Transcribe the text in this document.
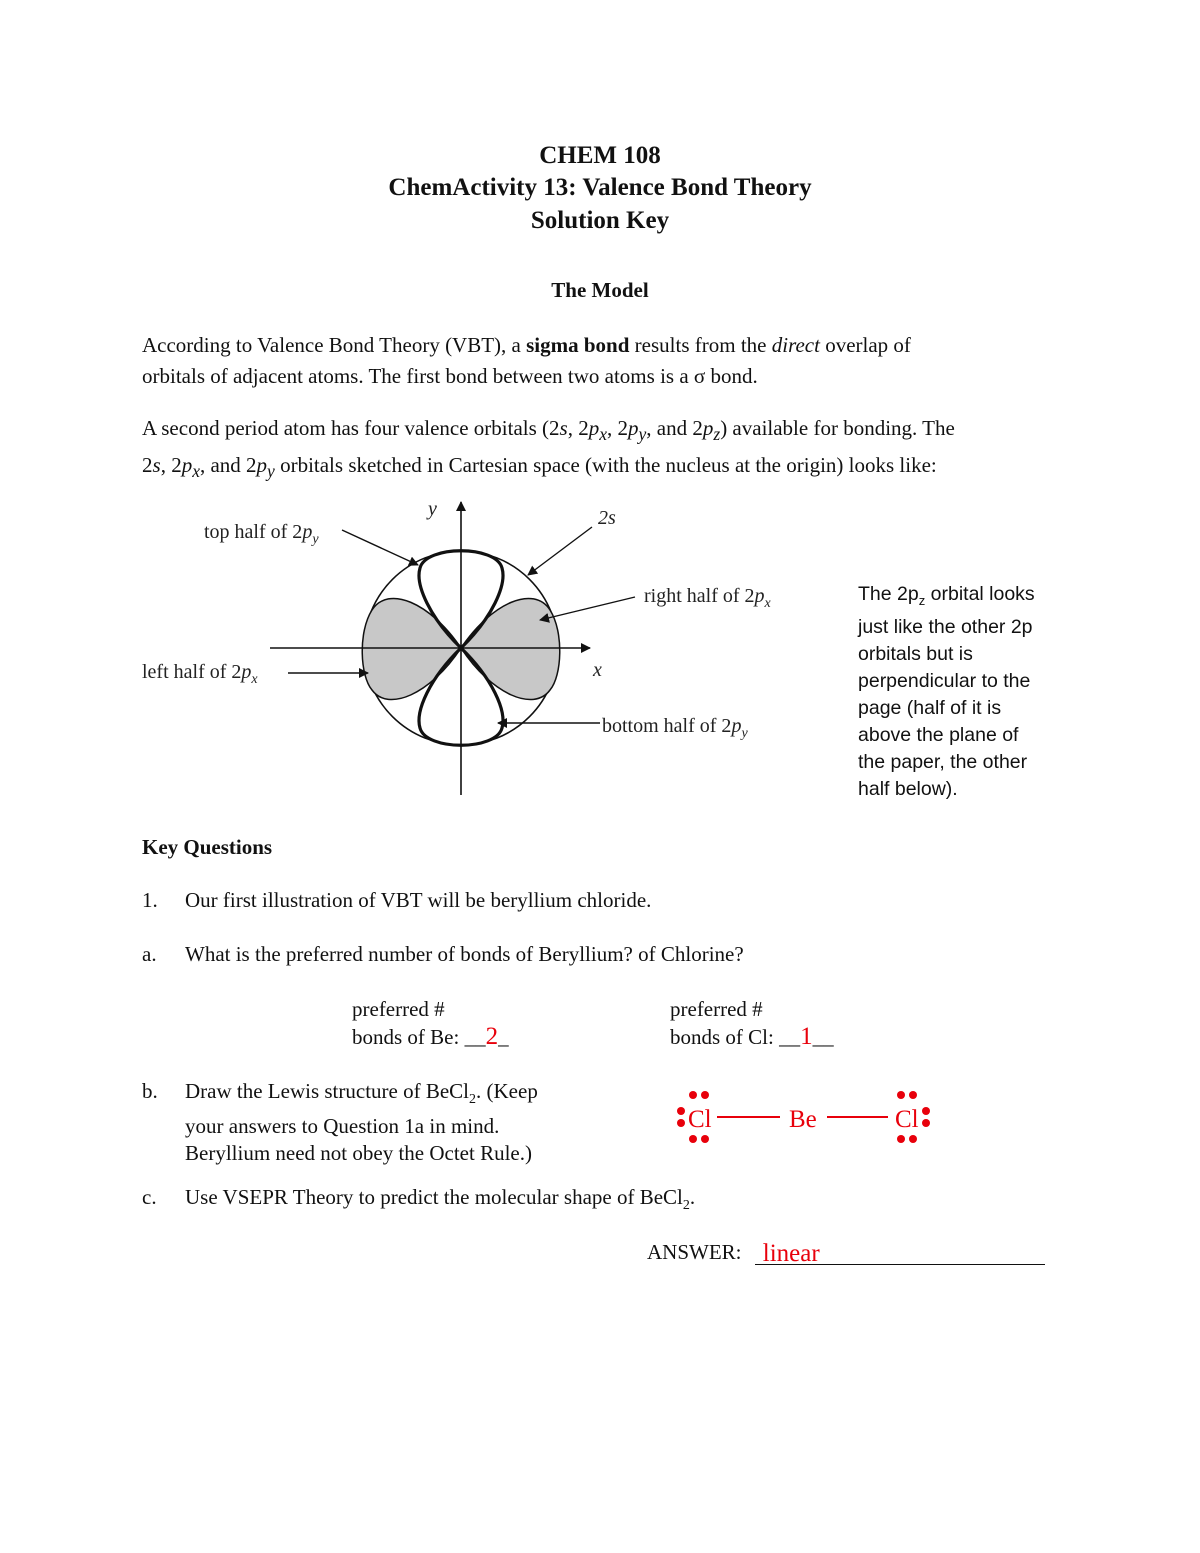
CHEM 108
ChemActivity 13: Valence Bond Theory
Solution Key
The Model
According to Valence Bond Theory (VBT), a sigma bond results from the direct overlap of
orbitals of adjacent atoms. The first bond between two atoms is a σ bond.
A second period atom has four valence orbitals (2s, $2p_x$, $2p_y$, and $2p_z$) available for bonding. The
2s, $2p_x$, and $2p_y$ orbitals sketched in Cartesian space (with the nucleus at the origin) looks like:
y
x
top half of $2p_y$
2s
right half of $2p_x$
left half of $2p_x$
bottom half of $2p_y$
The $2p_z$ orbital looks
just like the other 2p
orbitals but is
perpendicular to the
page (half of it is
above the plane of
the paper, the other
half below).
Key Questions
1. Our first illustration of VBT will be beryllium chloride.
a. What is the preferred number of bonds of Beryllium? of Chlorine?
preferred #
bonds of Be: __2_
preferred #
bonds of Cl: __1__
b. Draw the Lewis structure of BeCl$_2$. (Keep
your answers to Question 1a in mind.
Beryllium need not obey the Octet Rule.)
Cl	Be	Cl
c. Use VSEPR Theory to predict the molecular shape of BeCl$_2$.
ANSWER: linear
